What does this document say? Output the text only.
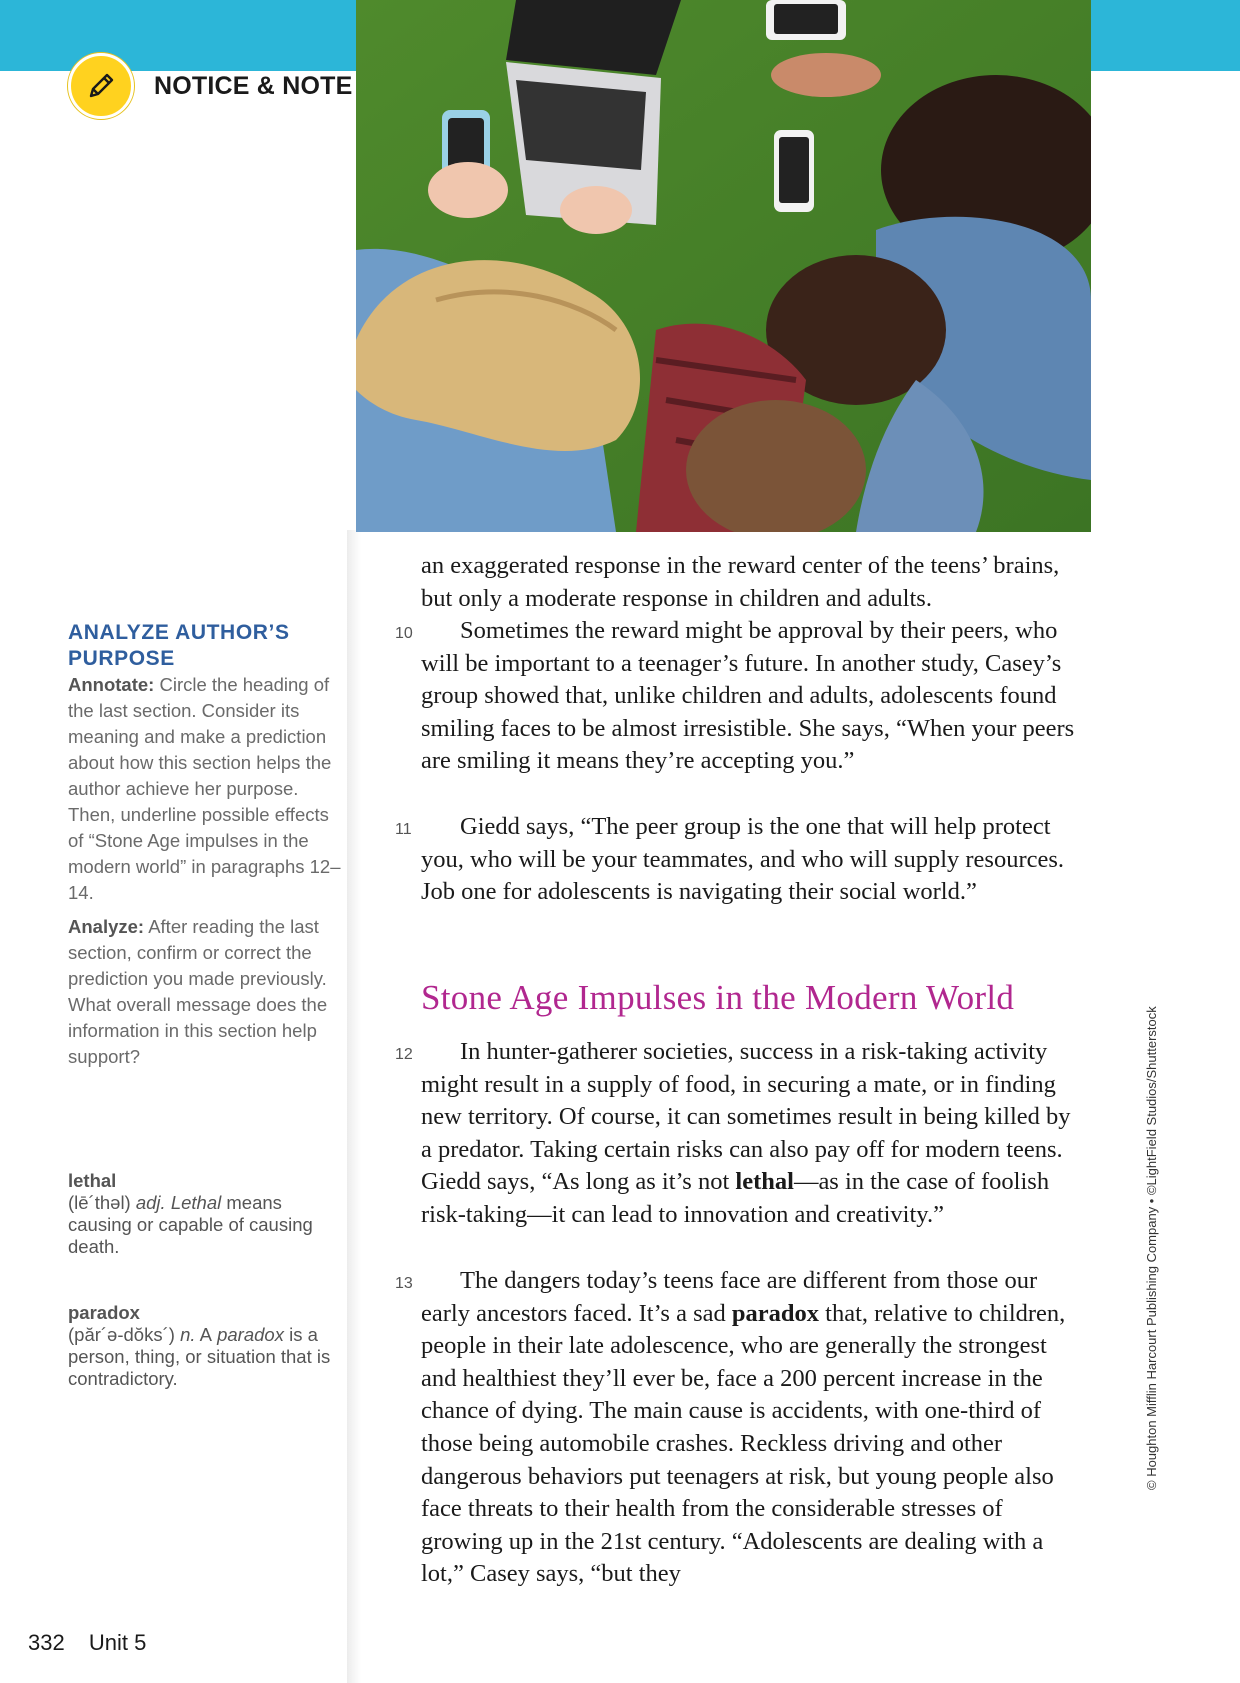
NOTICE & NOTE
ANALYZE AUTHOR’S PURPOSE

Annotate: Circle the heading of the last section. Consider its meaning and make a prediction about how this section helps the author achieve her purpose. Then, underline possible effects of “Stone Age impulses in the modern world” in paragraphs 12–14.

Analyze: After reading the last section, confirm or correct the prediction you made previously. What overall message does the information in this section help support?

lethal
(lē´thəl) adj. Lethal means causing or capable of causing death.
paradox
(păr´ə-dŏks´) n. A paradox is a person, thing, or situation that is contradictory.

an exaggerated response in the reward center of the teens’ brains, but only a moderate response in children and adults.

10	Sometimes the reward might be approval by their peers, who will be important to a teenager’s future. In another study, Casey’s group showed that, unlike children and adults, adolescents found smiling faces to be almost irresistible. She says, “When your peers are smiling it means they’re accepting you.”

11	Giedd says, “The peer group is the one that will help protect you, who will be your teammates, and who will supply resources. Job one for adolescents is navigating their social world.”

Stone Age Impulses in the Modern World
12	In hunter-gatherer societies, success in a risk-taking activity might result in a supply of food, in securing a mate, or in finding new territory. Of course, it can sometimes result in being killed by a predator. Taking certain risks can also pay off for modern teens. Giedd says, “As long as it’s not lethal—as in the case of foolish risk-taking—it can lead to innovation and creativity.”

13	The dangers today’s teens face are different from those our early ancestors faced. It’s a sad paradox that, relative to children, people in their late adolescence, who are generally the strongest and healthiest they’ll ever be, face a 200 percent increase in the chance of dying. The main cause is accidents, with one-third of those being automobile crashes. Reckless driving and other dangerous behaviors put teenagers at risk, but young people also face threats to their health from the considerable stresses of growing up in the 21st century. “Adolescents are dealing with a lot,” Casey says, “but they

© Houghton Mifflin Harcourt Publishing Company • ©LightField Studios/Shutterstock
332 Unit 5
